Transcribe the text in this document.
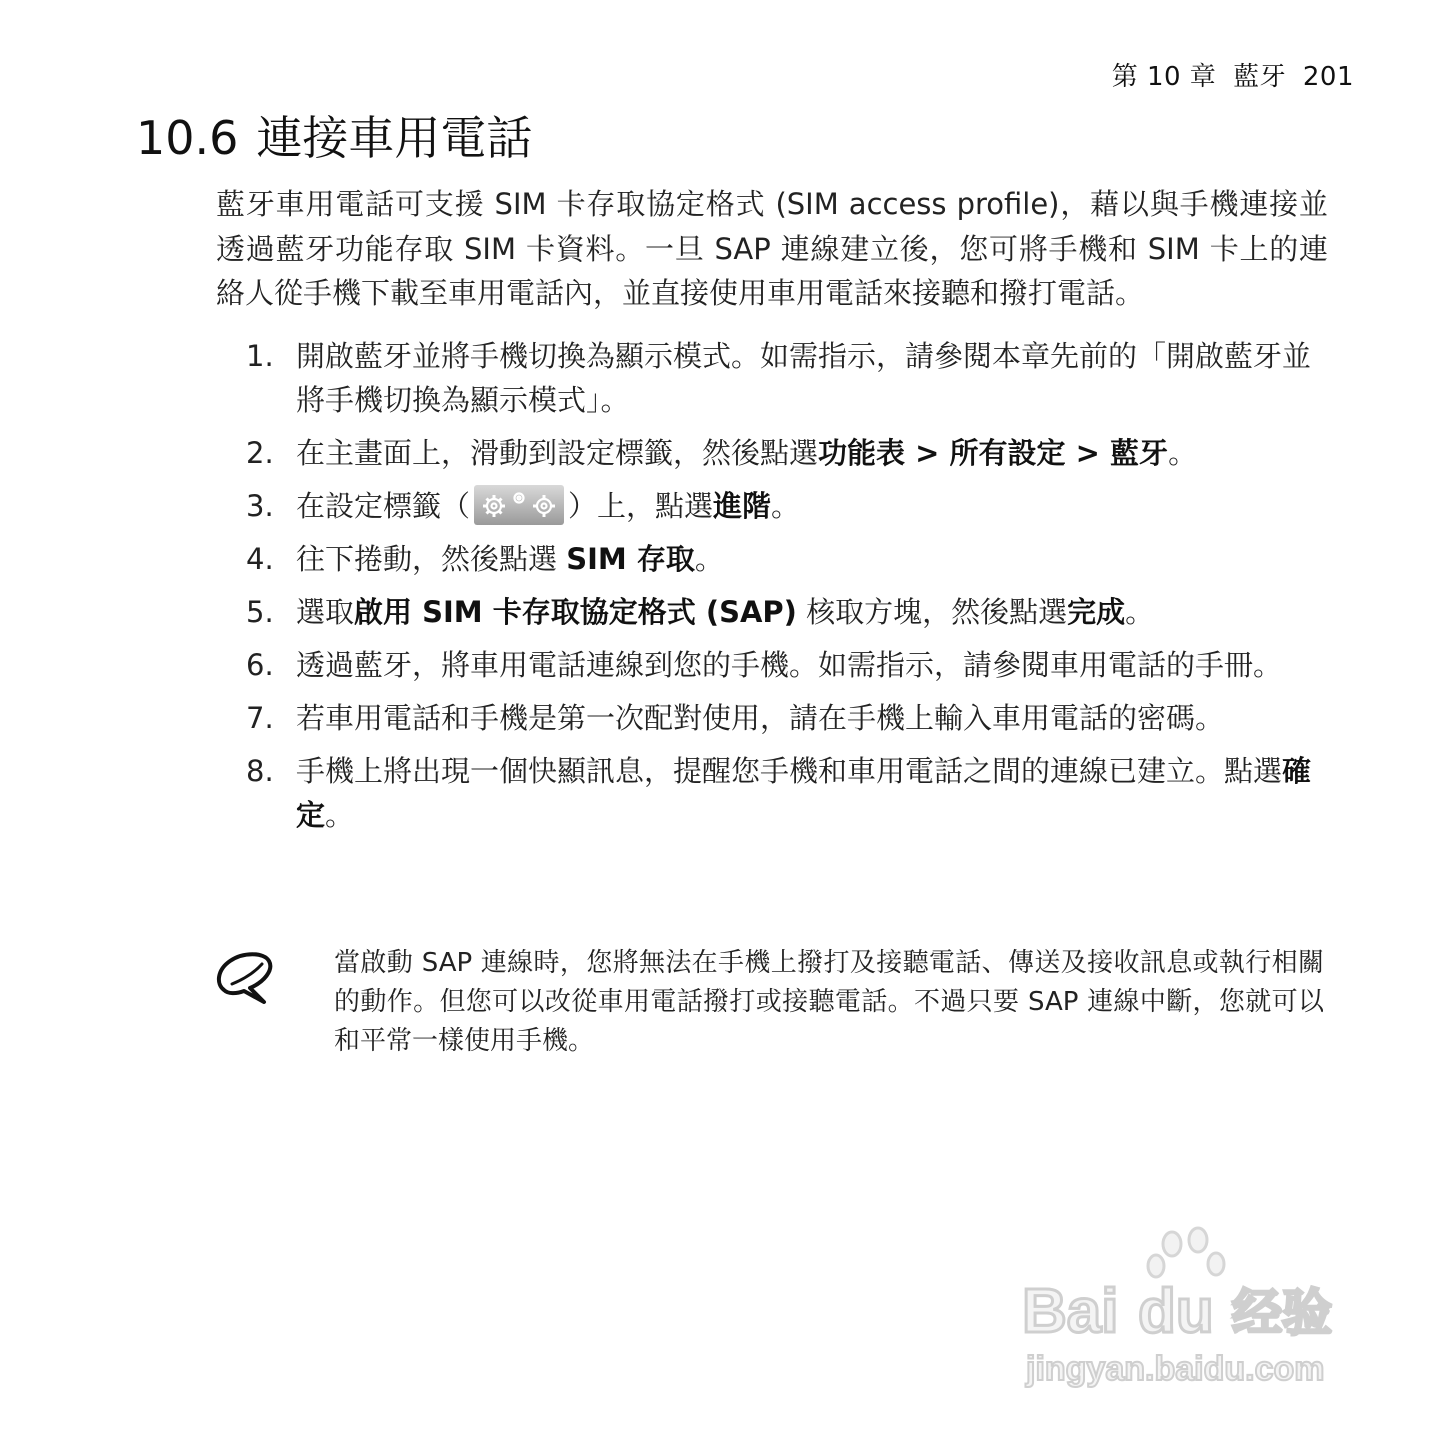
第 10 章 藍牙 201
10.6 連接車用電話

藍牙車用電話可支援 SIM 卡存取協定格式 (SIM access profile)，藉以與手機連接並透過藍牙功能存取 SIM 卡資料。一旦 SAP 連線建立後，您可將手機和 SIM 卡上的連絡人從手機下載至車用電話內，並直接使用車用電話來接聽和撥打電話。

1. 開啟藍牙並將手機切換為顯示模式。如需指示，請參閱本章先前的「開啟藍牙並將手機切換為顯示模式」。
2. 在主畫面上，滑動到設定標籤，然後點選功能表 > 所有設定 > 藍牙。
3. 在設定標籤（	）上，點選進階。
4. 往下捲動，然後點選 SIM 存取。
5. 選取啟用 SIM 卡存取協定格式 (SAP) 核取方塊，然後點選完成。
6. 透過藍牙，將車用電話連線到您的手機。如需指示，請參閱車用電話的手冊。
7. 若車用電話和手機是第一次配對使用，請在手機上輸入車用電話的密碼。
8. 手機上將出現一個快顯訊息，提醒您手機和車用電話之間的連線已建立。點選確定。

當啟動 SAP 連線時，您將無法在手機上撥打及接聽電話、傳送及接收訊息或執行相關的動作。但您可以改從車用電話撥打或接聽電話。不過只要 SAP 連線中斷，您就可以和平常一樣使用手機。

Bai du 经验
jingyan.baidu.com
